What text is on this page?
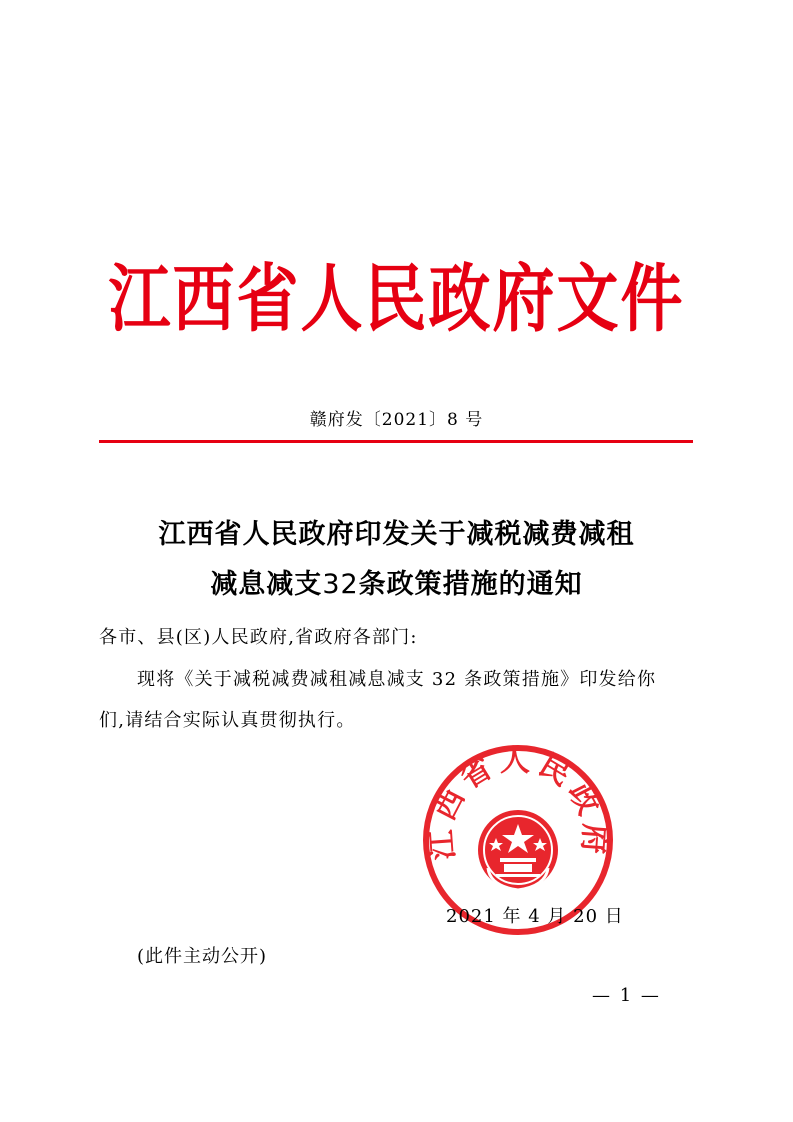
江西省人民政府文件
赣府发〔2021〕8 号
江西省人民政府印发关于减税减费减租
减息减支32条政策措施的通知
各市、县(区)人民政府,省政府各部门:
现将《关于减税减费减租减息减支 32 条政策措施》印发给你
们,请结合实际认真贯彻执行。
江西省人民政府
2021 年 4 月 20 日
(此件主动公开)
— 1 —
